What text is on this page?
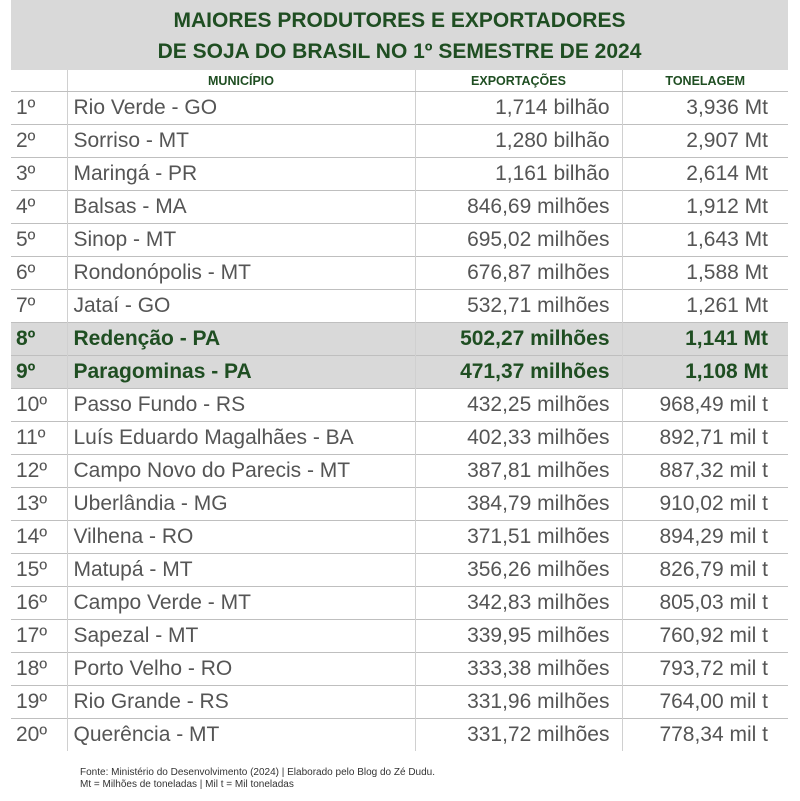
MAIORES PRODUTORES E EXPORTADORES
DE SOJA DO BRASIL NO 1º SEMESTRE DE 2024
	MUNICÍPIO	EXPORTAÇÕES	TONELAGEM
1º	Rio Verde - GO	1,714 bilhão	3,936 Mt
2º	Sorriso - MT	1,280 bilhão	2,907 Mt
3º	Maringá - PR	1,161 bilhão	2,614 Mt
4º	Balsas - MA	846,69 milhões	1,912 Mt
5º	Sinop - MT	695,02 milhões	1,643 Mt
6º	Rondonópolis - MT	676,87 milhões	1,588 Mt
7º	Jataí - GO	532,71 milhões	1,261 Mt
8º	Redenção - PA	502,27 milhões	1,141 Mt
9º	Paragominas - PA	471,37 milhões	1,108 Mt
10º	Passo Fundo - RS	432,25 milhões	968,49 mil t
11º	Luís Eduardo Magalhães - BA	402,33 milhões	892,71 mil t
12º	Campo Novo do Parecis - MT	387,81 milhões	887,32 mil t
13º	Uberlândia - MG	384,79 milhões	910,02 mil t
14º	Vilhena - RO	371,51 milhões	894,29 mil t
15º	Matupá - MT	356,26 milhões	826,79 mil t
16º	Campo Verde - MT	342,83 milhões	805,03 mil t
17º	Sapezal - MT	339,95 milhões	760,92 mil t
18º	Porto Velho - RO	333,38 milhões	793,72 mil t
19º	Rio Grande - RS	331,96 milhões	764,00 mil t
20º	Querência - MT	331,72 milhões	778,34 mil t
Fonte: Ministério do Desenvolvimento (2024) | Elaborado pelo Blog do Zé Dudu.
Mt = Milhões de toneladas | Mil t = Mil toneladas
